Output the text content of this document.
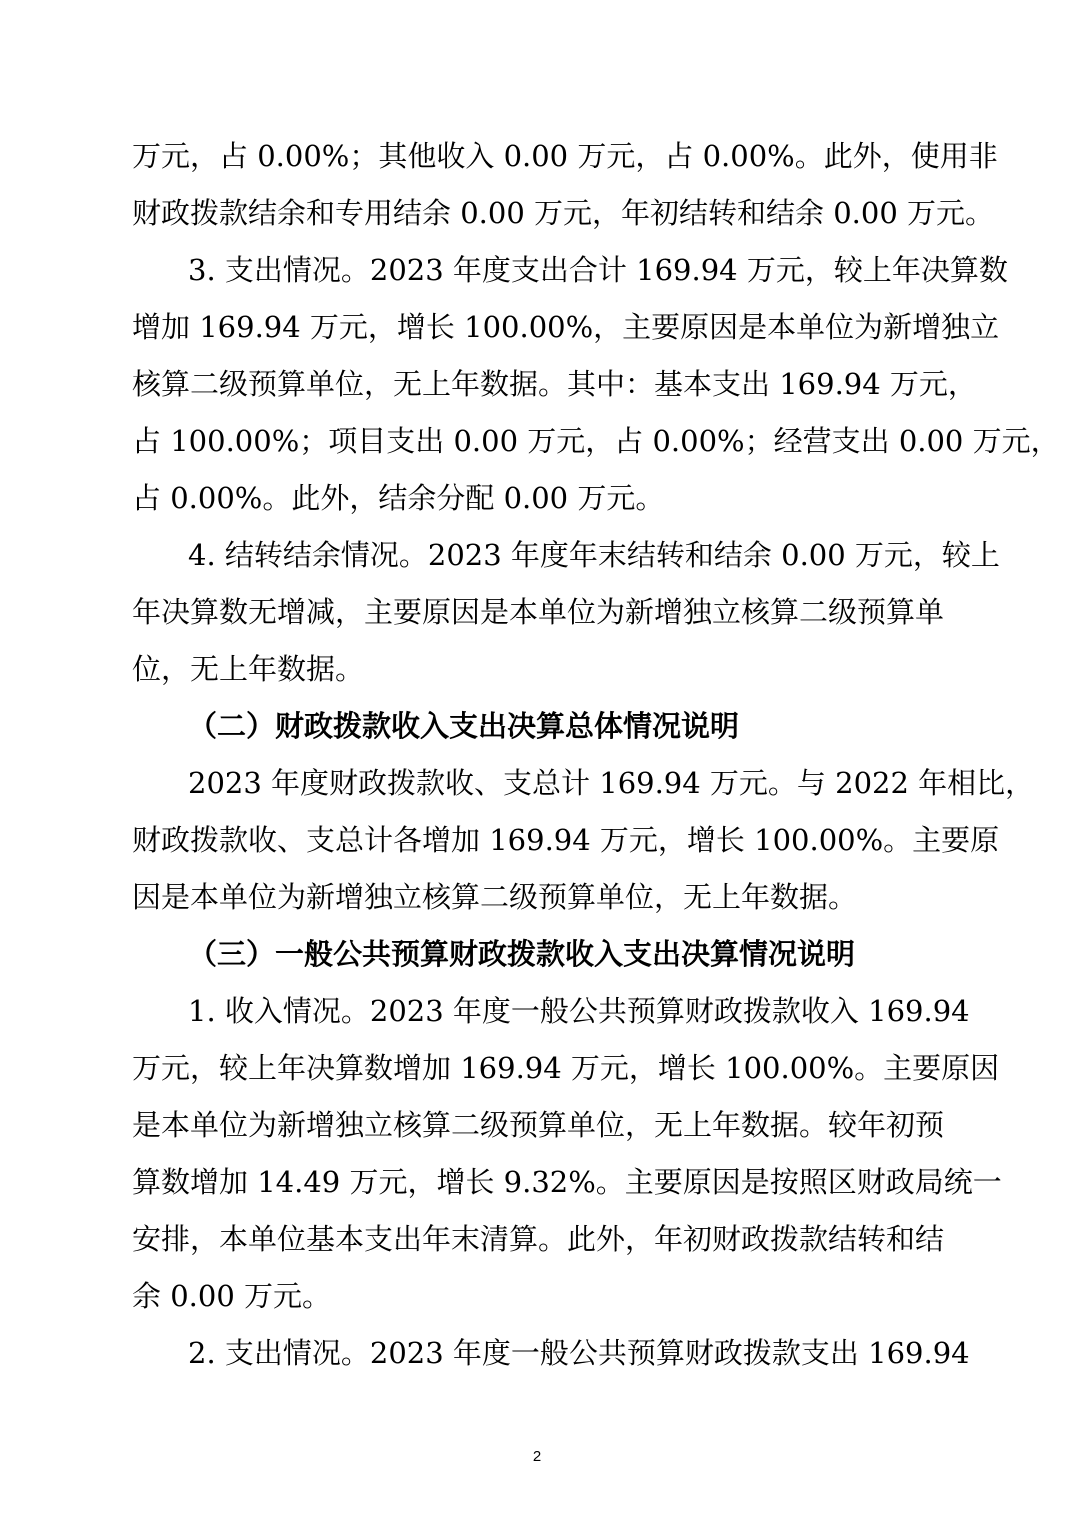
万元，占 0.00%；其他收入 0.00 万元，占 0.00%。此外，使用非
财政拨款结余和专用结余 0.00 万元，年初结转和结余 0.00 万元。
3. 支出情况。2023 年度支出合计 169.94 万元，较上年决算数
增加 169.94 万元，增长 100.00%，主要原因是本单位为新增独立
核算二级预算单位，无上年数据。其中：基本支出 169.94 万元，
占 100.00%；项目支出 0.00 万元，占 0.00%；经营支出 0.00 万元，
占 0.00%。此外，结余分配 0.00 万元。
4. 结转结余情况。2023 年度年末结转和结余 0.00 万元，较上
年决算数无增减，主要原因是本单位为新增独立核算二级预算单
位，无上年数据。
（二）财政拨款收入支出决算总体情况说明
2023 年度财政拨款收、支总计 169.94 万元。与 2022 年相比，
财政拨款收、支总计各增加 169.94 万元，增长 100.00%。主要原
因是本单位为新增独立核算二级预算单位，无上年数据。
（三）一般公共预算财政拨款收入支出决算情况说明
1. 收入情况。2023 年度一般公共预算财政拨款收入 169.94
万元，较上年决算数增加 169.94 万元，增长 100.00%。主要原因
是本单位为新增独立核算二级预算单位，无上年数据。较年初预
算数增加 14.49 万元，增长 9.32%。主要原因是按照区财政局统一
安排，本单位基本支出年末清算。此外，年初财政拨款结转和结
余 0.00 万元。
2. 支出情况。2023 年度一般公共预算财政拨款支出 169.94
2
